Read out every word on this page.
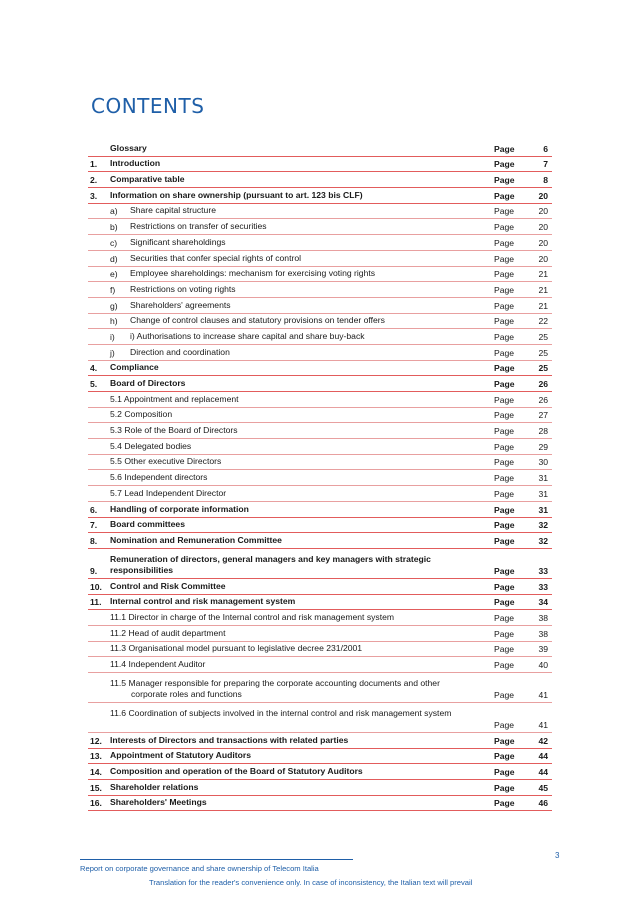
CONTENTS
Glossary	Page	6
1. Introduction	Page	7
2. Comparative table	Page	8
3. Information on share ownership (pursuant to art. 123 bis CLF)	Page	20
a) Share capital structure	Page	20
b) Restrictions on transfer of securities	Page	20
c) Significant shareholdings	Page	20
d) Securities that confer special rights of control	Page	20
e) Employee shareholdings: mechanism for exercising voting rights	Page	21
f) Restrictions on voting rights	Page	21
g) Shareholders' agreements	Page	21
h) Change of control clauses and statutory provisions on tender offers	Page	22
i) i) Authorisations to increase share capital and share buy-back	Page	25
j) Direction and coordination	Page	25
4. Compliance	Page	25
5. Board of Directors	Page	26
5.1 Appointment and replacement	Page	26
5.2 Composition	Page	27
5.3 Role of the Board of Directors	Page	28
5.4 Delegated bodies	Page	29
5.5 Other executive Directors	Page	30
5.6 Independent directors	Page	31
5.7 Lead Independent Director	Page	31
6. Handling of corporate information	Page	31
7. Board committees	Page	32
8. Nomination and Remuneration Committee	Page	32
9.
Remuneration of directors, general managers and key managers with strategic
responsibilities	Page	33
10. Control and Risk Committee	Page	33
11. Internal control and risk management system	Page	34
11.1 Director in charge of the Internal control and risk management system	Page	38
11.2 Head of audit department	Page	38
11.3 Organisational model pursuant to legislative decree 231/2001	Page	39
11.4 Independent Auditor	Page	40
11.5 Manager responsible for preparing the corporate accounting documents and other
corporate roles and functions	Page	41
11.6 Coordination of subjects involved in the internal control and risk management system

Page	41
12. Interests of Directors and transactions with related parties	Page	42
13. Appointment of Statutory Auditors	Page	44
14. Composition and operation of the Board of Statutory Auditors	Page	44
15. Shareholder relations	Page	45
16. Shareholders' Meetings	Page	46
3
Report on corporate governance and share ownership of Telecom Italia
Translation for the reader's convenience only. In case of inconsistency, the Italian text will prevail
